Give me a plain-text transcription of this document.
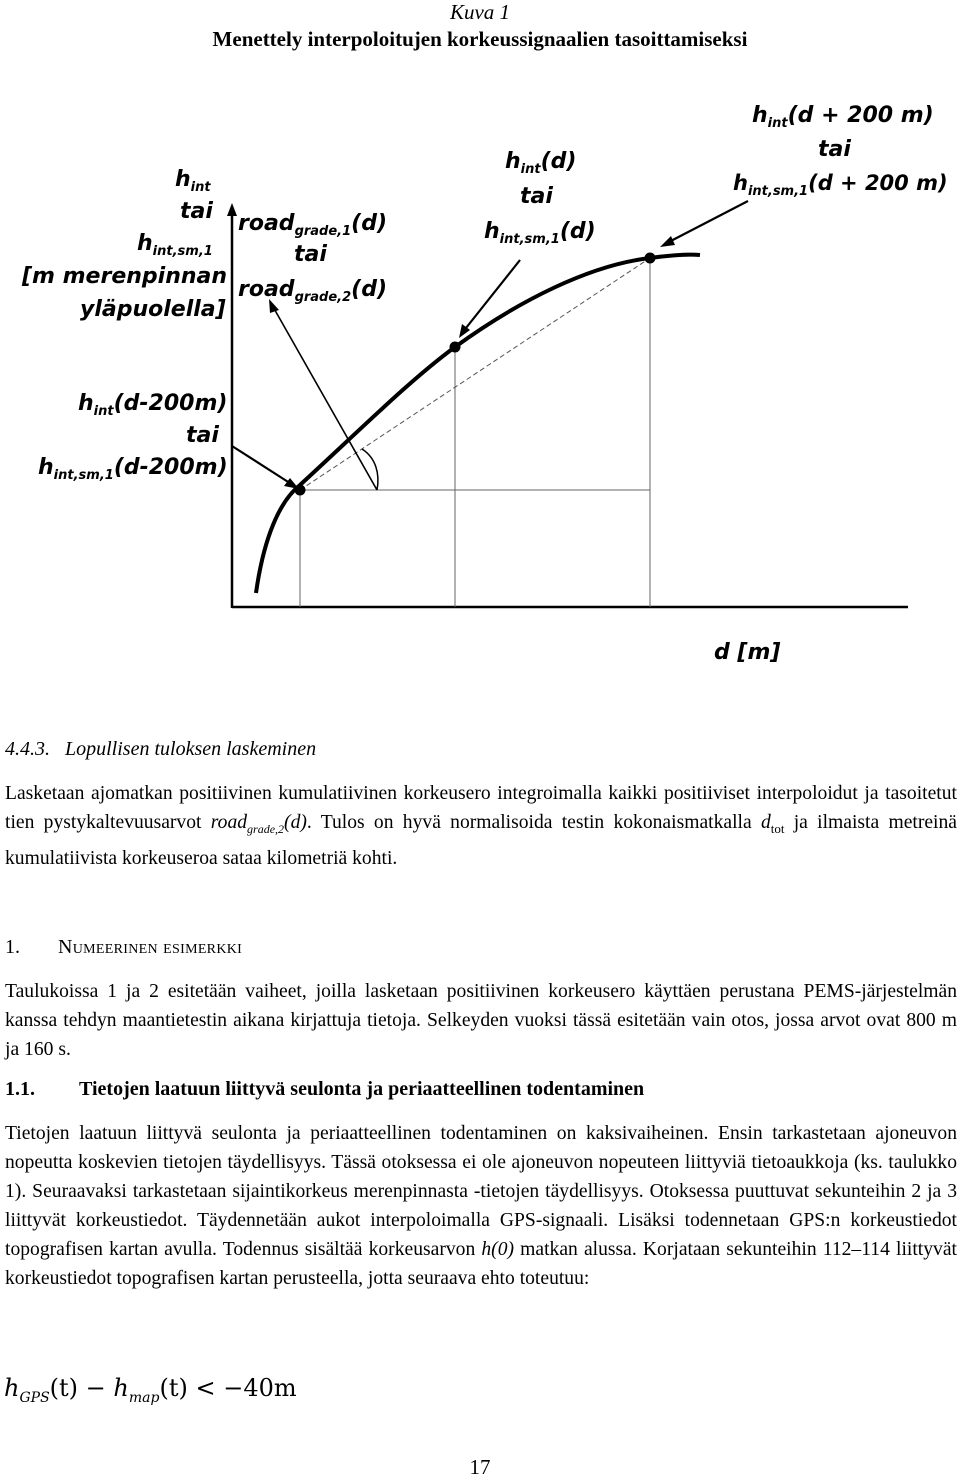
Kuva 1
Menettely interpoloitujen korkeussignaalien tasoittamiseksi
$h_{int}$
tai
$h_{int,sm,1}$
[m merenpinnan
yläpuolella]
road$_{grade,1}$(d)
tai
road$_{grade,2}$(d)
$h_{int}(d-200m)$
tai
$h_{int,sm,1}(d-200m)$
$h_{int}(d)$
tai
$h_{int,sm,1}(d)$
$h_{int}(d + 200$ m)
tai
$h_{int,sm,1}(d + 200$ m)
d [m]
4.4.3.   Lopullisen tuloksen laskeminen

Lasketaan ajomatkan positiivinen kumulatiivinen korkeusero integroimalla kaikki positiiviset interpoloidut ja tasoitetut tien pystykaltevuusarvot road$_{grade,2}$(d). Tulos on hyvä normalisoida testin kokonaismatkalla $d_{tot}$ ja ilmaista metreinä kumulatiivista korkeuseroa sataa kilometriä kohti.

1. Numeerinen esimerkki

Taulukoissa 1 ja 2 esitetään vaiheet, joilla lasketaan positiivinen korkeusero käyttäen perustana PEMS-järjestelmän kanssa tehdyn maantietestin aikana kirjattuja tietoja. Selkeyden vuoksi tässä esitetään vain otos, jossa arvot ovat 800 m ja 160 s.

1.1. Tietojen laatuun liittyvä seulonta ja periaatteellinen todentaminen

Tietojen laatuun liittyvä seulonta ja periaatteellinen todentaminen on kaksivaiheinen. Ensin tarkastetaan ajoneuvon nopeutta koskevien tietojen täydellisyys. Tässä otoksessa ei ole ajoneuvon nopeuteen liittyviä tietoaukkoja (ks. taulukko 1). Seuraavaksi tarkastetaan sijaintikorkeus merenpinnasta -tietojen täydellisyys. Otoksessa puuttuvat sekunteihin 2 ja 3 liittyvät korkeustiedot. Täydennetään aukot interpoloimalla GPS-signaali. Lisäksi todennetaan GPS:n korkeustiedot topografisen kartan avulla. Todennus sisältää korkeusarvon h(0) matkan alussa. Korjataan sekunteihin 112–114 liittyvät korkeustiedot topografisen kartan perusteella, jotta seuraava ehto toteutuu:

$h_{GPS}(t) - h_{map}(t) < -40m$
17
